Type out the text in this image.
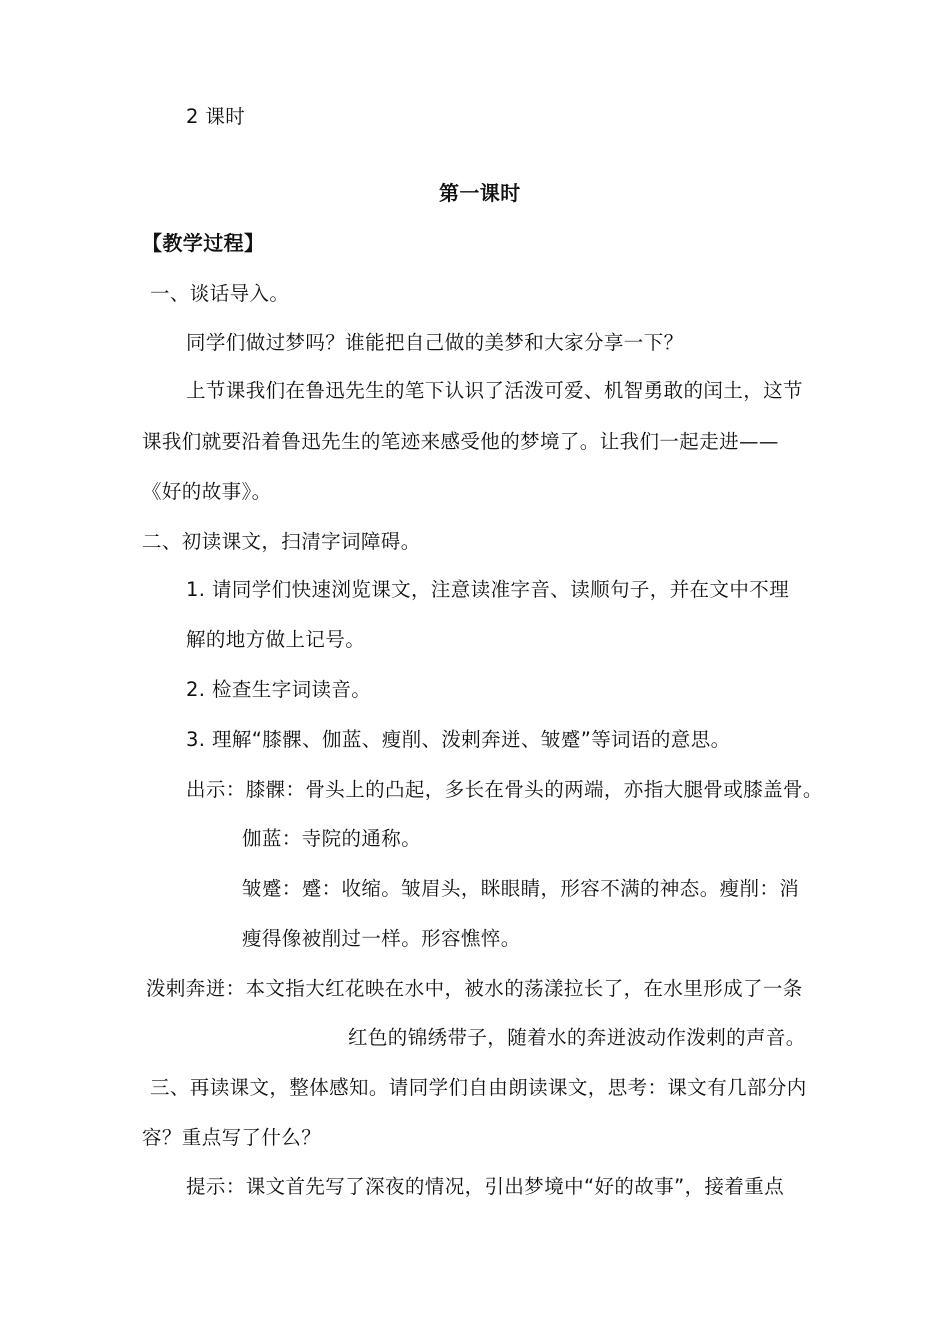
2 课时
第一课时
【教学过程】
一、谈话导入。
同学们做过梦吗？谁能把自己做的美梦和大家分享一下？
上节课我们在鲁迅先生的笔下认识了活泼可爱、机智勇敢的闰土，这节
课我们就要沿着鲁迅先生的笔迹来感受他的梦境了。让我们一起走进——
《好的故事》。
二、初读课文，扫清字词障碍。
1. 请同学们快速浏览课文，注意读准字音、读顺句子，并在文中不理
解的地方做上记号。
2. 检查生字词读音。
3. 理解“膝髁、伽蓝、瘦削、泼剌奔迸、皱蹙”等词语的意思。
出示：膝髁：骨头上的凸起，多长在骨头的两端，亦指大腿骨或膝盖骨。
伽蓝：寺院的通称。
皱蹙：蹙：收缩。皱眉头，眯眼睛，形容不满的神态。瘦削：消
瘦得像被削过一样。形容憔悴。
泼剌奔迸：本文指大红花映在水中，被水的荡漾拉长了，在水里形成了一条
红色的锦绣带子，随着水的奔迸波动作泼剌的声音。
三、再读课文，整体感知。请同学们自由朗读课文，思考：课文有几部分内
容？重点写了什么？
提示：课文首先写了深夜的情况，引出梦境中“好的故事”，接着重点
